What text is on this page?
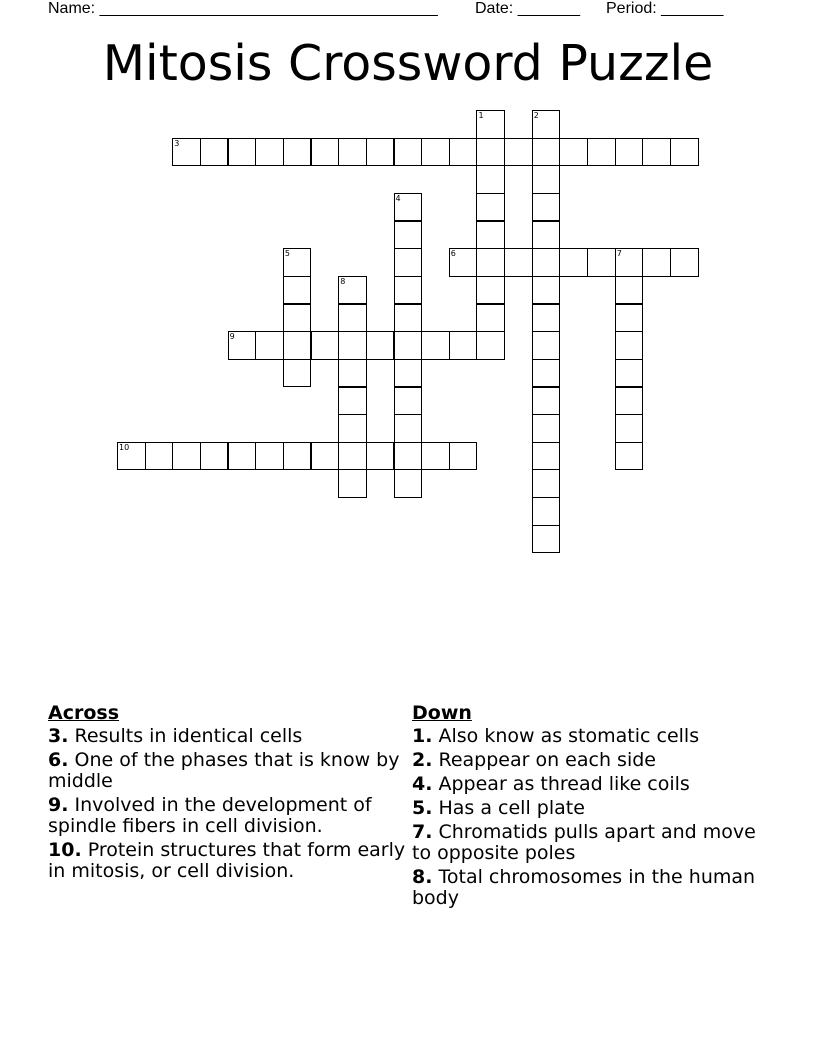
Name: ______________________________________ Date: _______ Period: _______
Mitosis Crossword Puzzle
1	2
3
4
5	6	7
8
9
10
Across
3. Results in identical cells
6. One of the phases that is know by middle
9. Involved in the development of spindle fibers in cell division.
10. Protein structures that form early in mitosis, or cell division.
Down
1. Also know as stomatic cells
2. Reappear on each side
4. Appear as thread like coils
5. Has a cell plate
7. Chromatids pulls apart and move to opposite poles
8. Total chromosomes in the human body
